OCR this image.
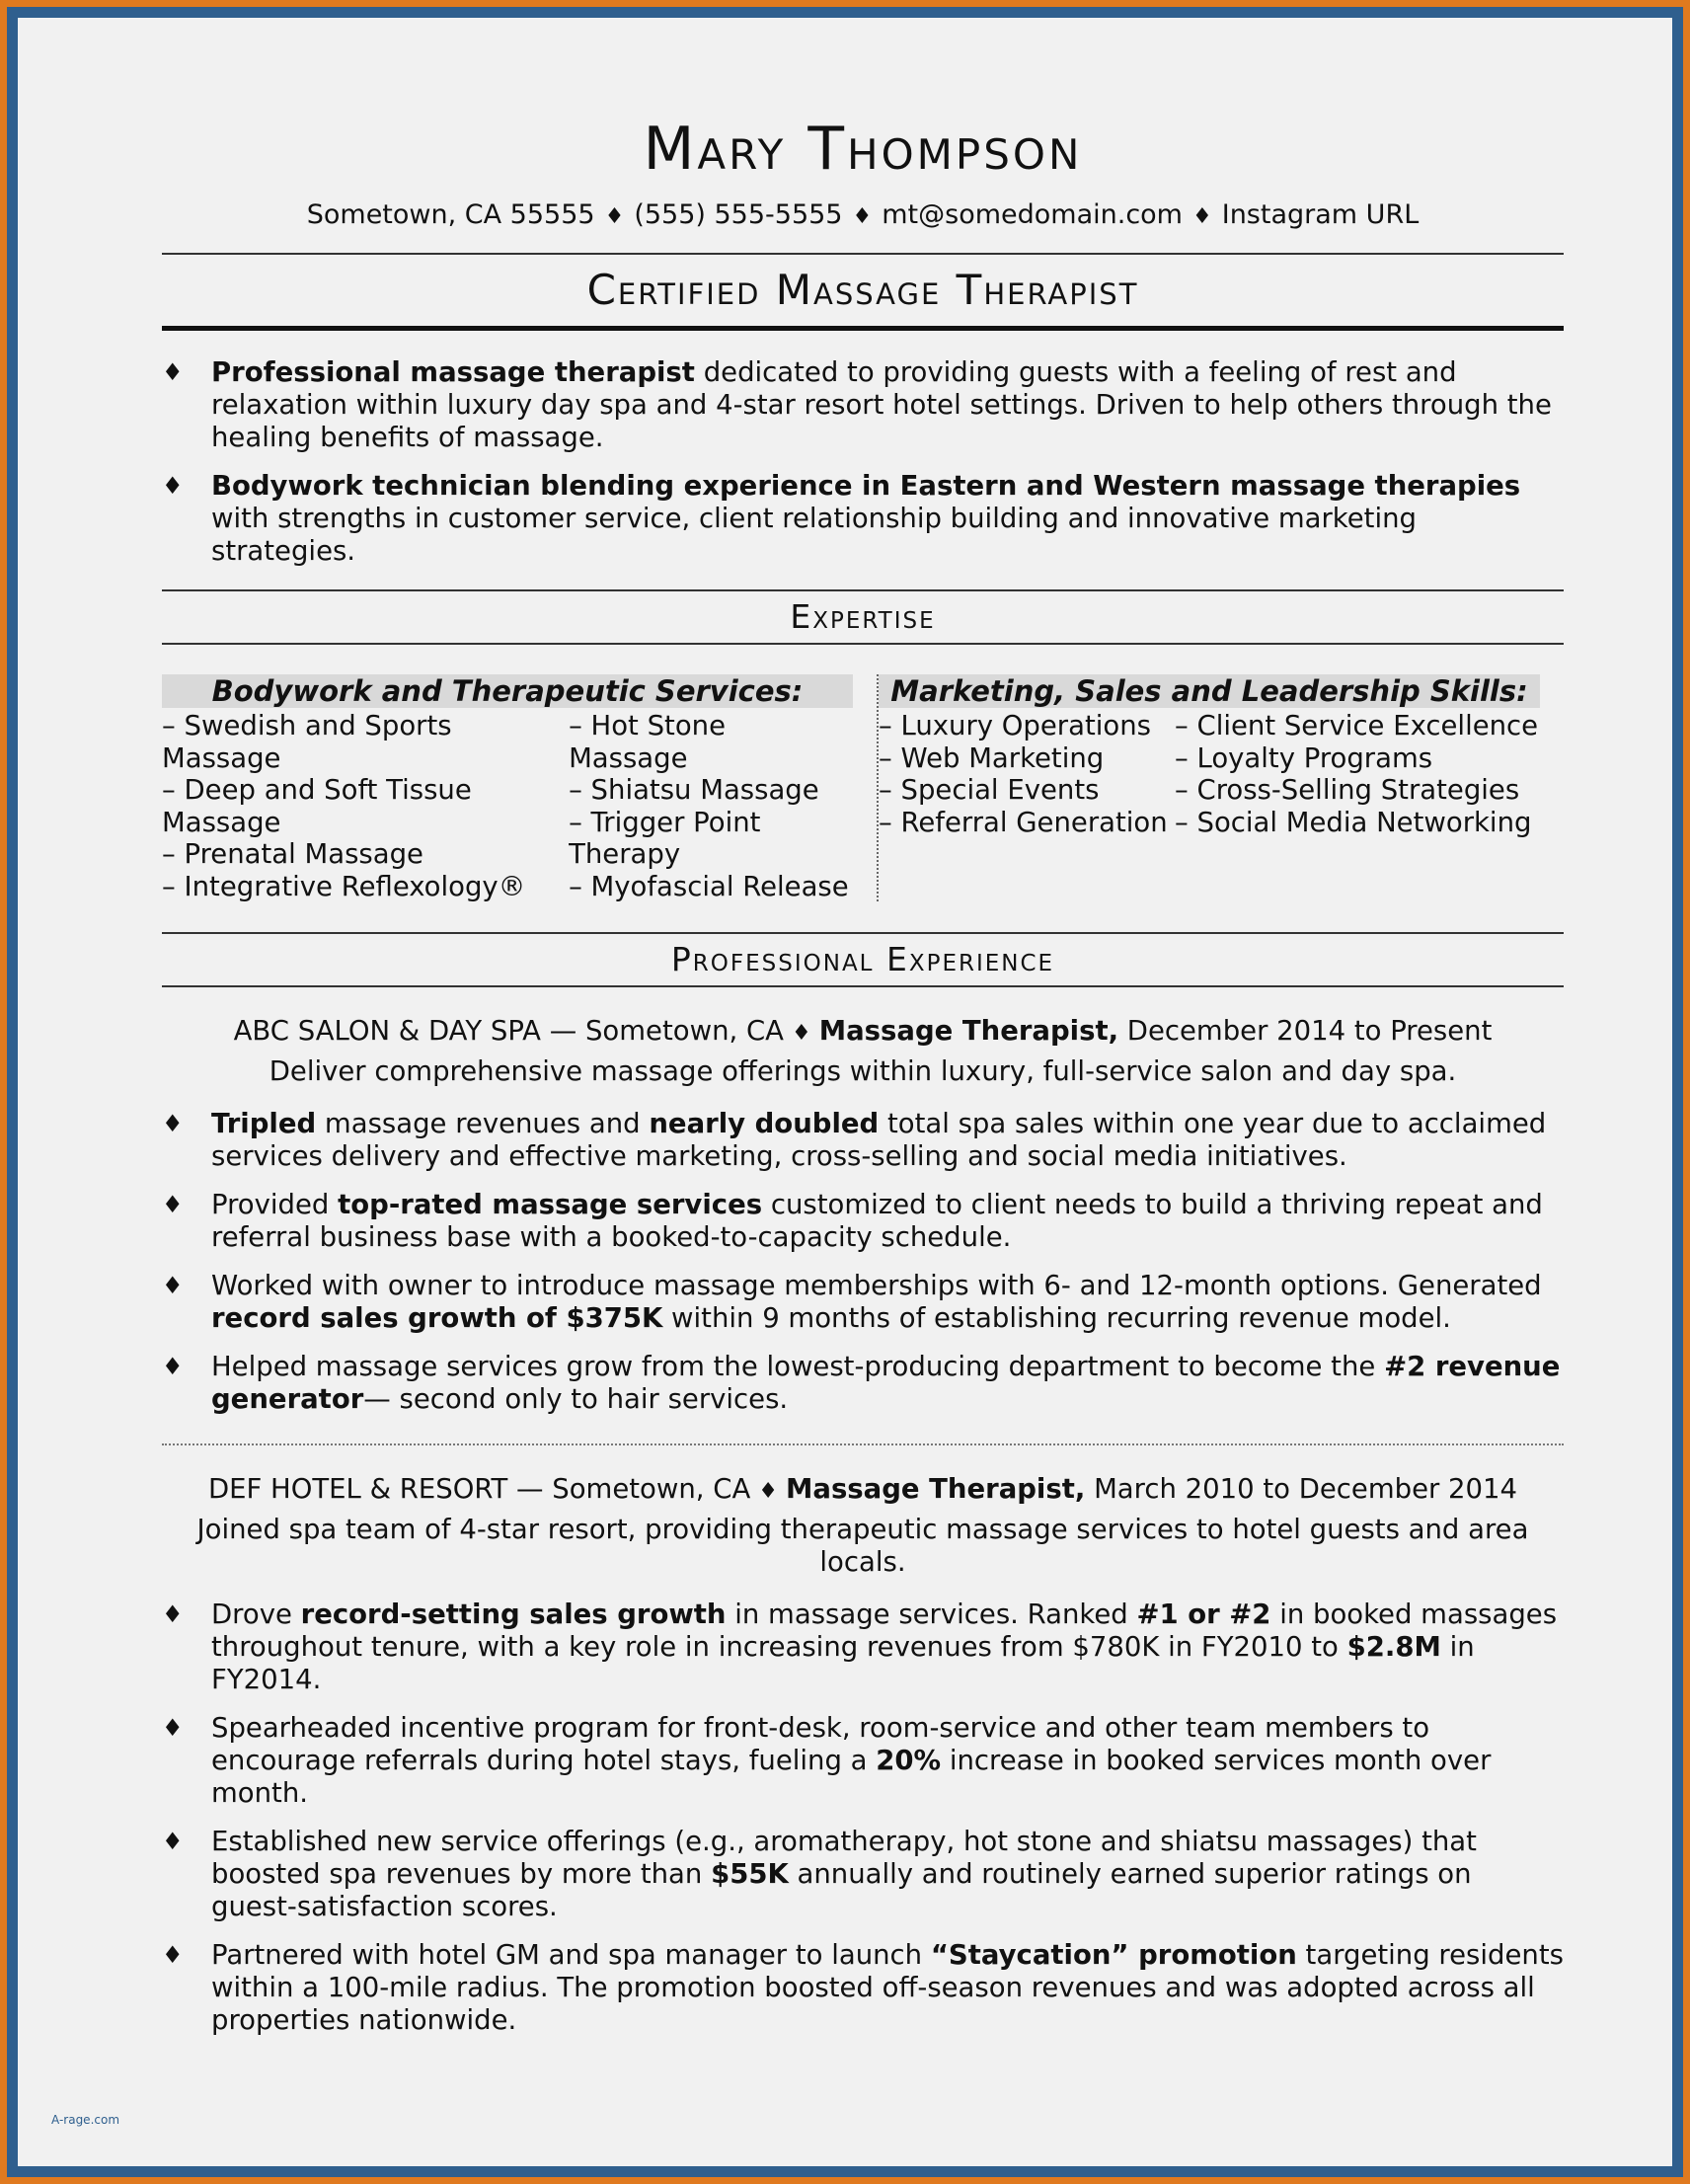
Mary Thompson
Sometown, CA 55555 ♦ (555) 555-5555 ♦ mt@somedomain.com ♦ Instagram URL
Certified Massage Therapist
♦ Professional massage therapist dedicated to providing guests with a feeling of rest and relaxation within luxury day spa and 4-star resort hotel settings. Driven to help others through the healing benefits of massage.
♦ Bodywork technician blending experience in Eastern and Western massage therapies with strengths in customer service, client relationship building and innovative marketing strategies.
Expertise
Bodywork and Therapeutic Services:
– Swedish and Sports Massage
– Deep and Soft Tissue Massage
– Prenatal Massage
– Integrative Reflexology®
– Hot Stone Massage
– Shiatsu Massage
– Trigger Point Therapy
– Myofascial Release
Marketing, Sales and Leadership Skills:
– Luxury Operations
– Web Marketing
– Special Events
– Referral Generation
– Client Service Excellence
– Loyalty Programs
– Cross-Selling Strategies
– Social Media Networking
Professional Experience
ABC SALON & DAY SPA — Sometown, CA ♦ Massage Therapist, December 2014 to Present
Deliver comprehensive massage offerings within luxury, full-service salon and day spa.
♦ Tripled massage revenues and nearly doubled total spa sales within one year due to acclaimed services delivery and effective marketing, cross-selling and social media initiatives.
♦ Provided top-rated massage services customized to client needs to build a thriving repeat and referral business base with a booked-to-capacity schedule.
♦ Worked with owner to introduce massage memberships with 6- and 12-month options. Generated record sales growth of $375K within 9 months of establishing recurring revenue model.
♦ Helped massage services grow from the lowest-producing department to become the #2 revenue generator— second only to hair services.
DEF HOTEL & RESORT — Sometown, CA ♦ Massage Therapist, March 2010 to December 2014
Joined spa team of 4-star resort, providing therapeutic massage services to hotel guests and area locals.
♦ Drove record-setting sales growth in massage services. Ranked #1 or #2 in booked massages throughout tenure, with a key role in increasing revenues from $780K in FY2010 to $2.8M in FY2014.
♦ Spearheaded incentive program for front-desk, room-service and other team members to encourage referrals during hotel stays, fueling a 20% increase in booked services month over month.
♦ Established new service offerings (e.g., aromatherapy, hot stone and shiatsu massages) that boosted spa revenues by more than $55K annually and routinely earned superior ratings on guest-satisfaction scores.
♦ Partnered with hotel GM and spa manager to launch “Staycation” promotion targeting residents within a 100-mile radius. The promotion boosted off-season revenues and was adopted across all properties nationwide.
A-rage.com
